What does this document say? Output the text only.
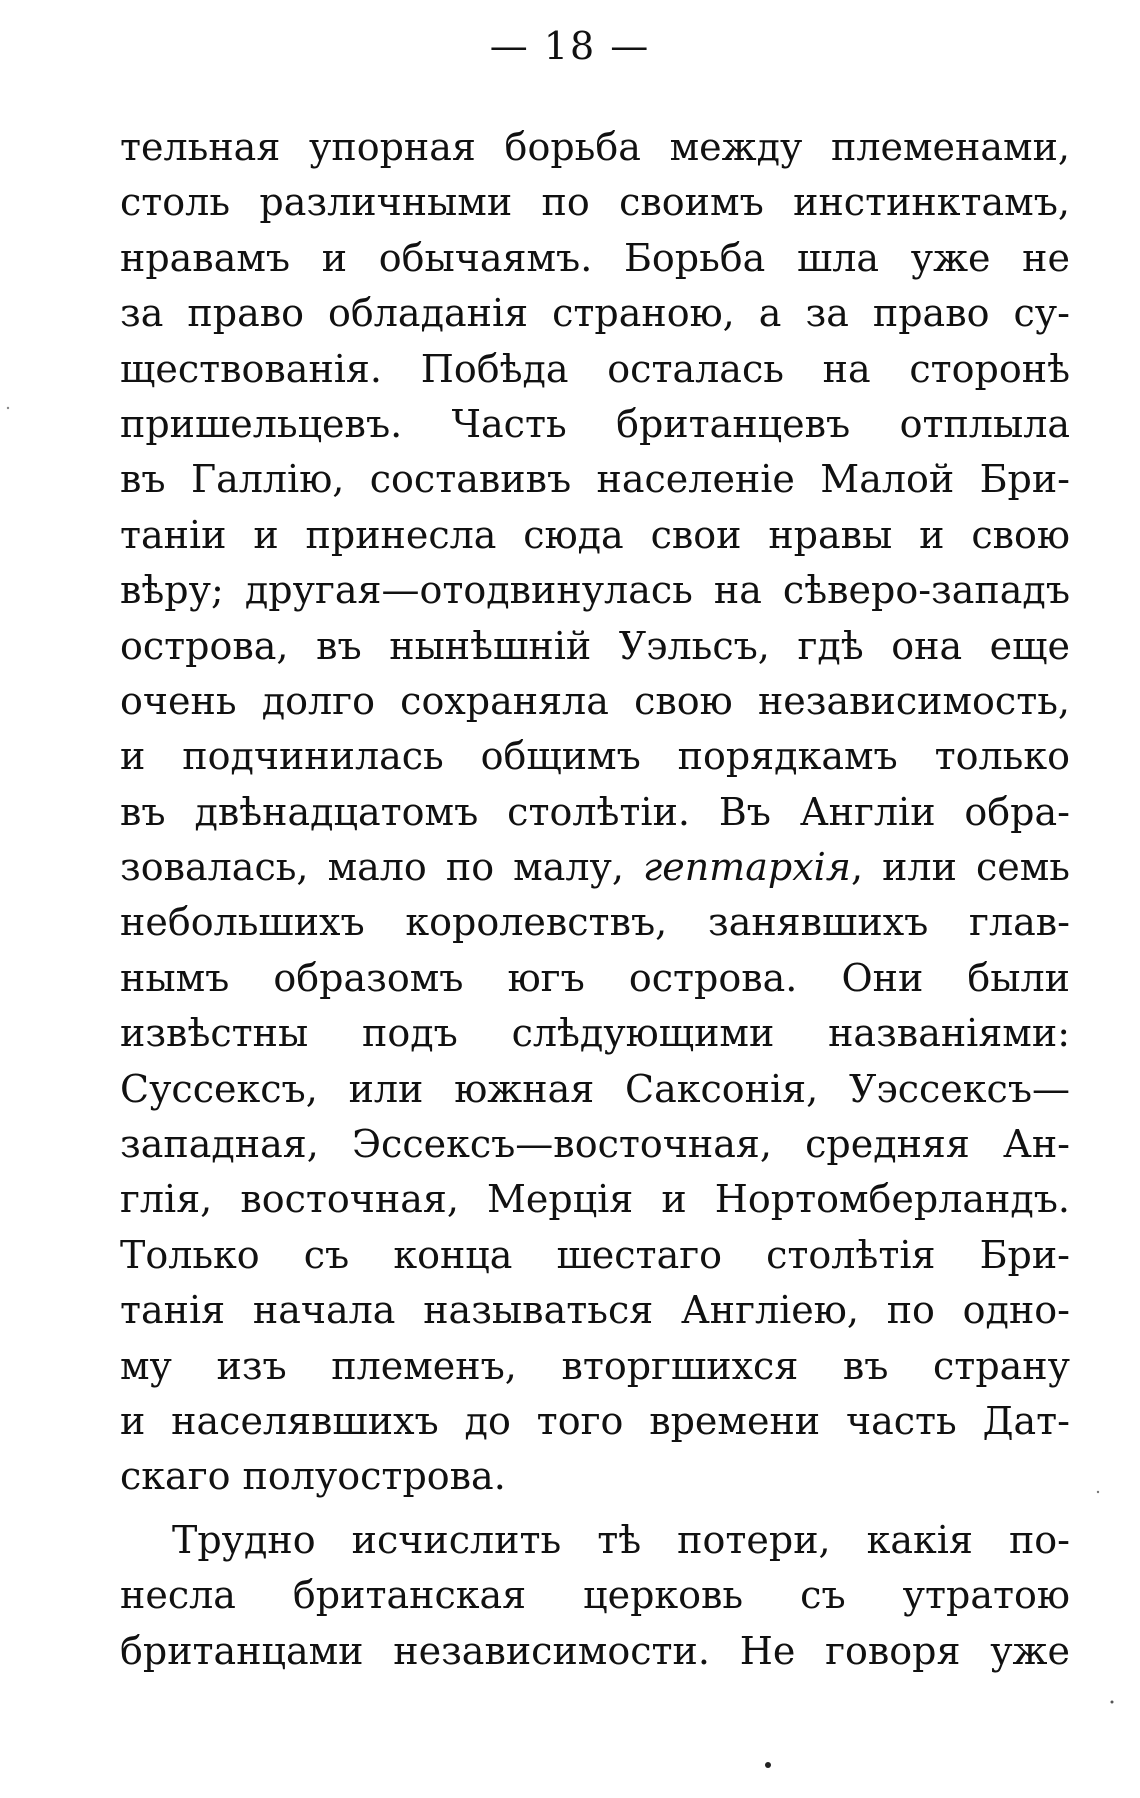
— 18 —
тельная упорная борьба между племенами,
столь различными по своимъ инстинктамъ,
нравамъ и обычаямъ. Борьба шла уже не
за право обладанія страною, а за право су-
ществованія. Побѣда осталась на сторонѣ
пришельцевъ. Часть британцевъ отплыла
въ Галлію, составивъ населеніе Малой Бри-
таніи и принесла сюда свои нравы и свою
вѣру; другая—отодвинулась на сѣверо-западъ
острова, въ нынѣшній Уэльсъ, гдѣ она еще
очень долго сохраняла свою независимость,
и подчинилась общимъ порядкамъ только
въ двѣнадцатомъ столѣтіи. Въ Англіи обра-
зовалась, мало по малу, гептархія, или семь
небольшихъ королевствъ, занявшихъ глав-
нымъ образомъ югъ острова. Они были
извѣстны подъ слѣдующими названіями:
Суссексъ, или южная Саксонія, Уэссексъ—
западная, Эссексъ—восточная, средняя Ан-
глія, восточная, Мерція и Нортомберландъ.
Только съ конца шестаго столѣтія Бри-
танія начала называться Англіею, по одно-
му изъ племенъ, вторгшихся въ страну
и населявшихъ до того времени часть Дат-
скаго полуострова.
Трудно исчислить тѣ потери, какія по-
несла британская церковь съ утратою
британцами независимости. Не говоря уже
